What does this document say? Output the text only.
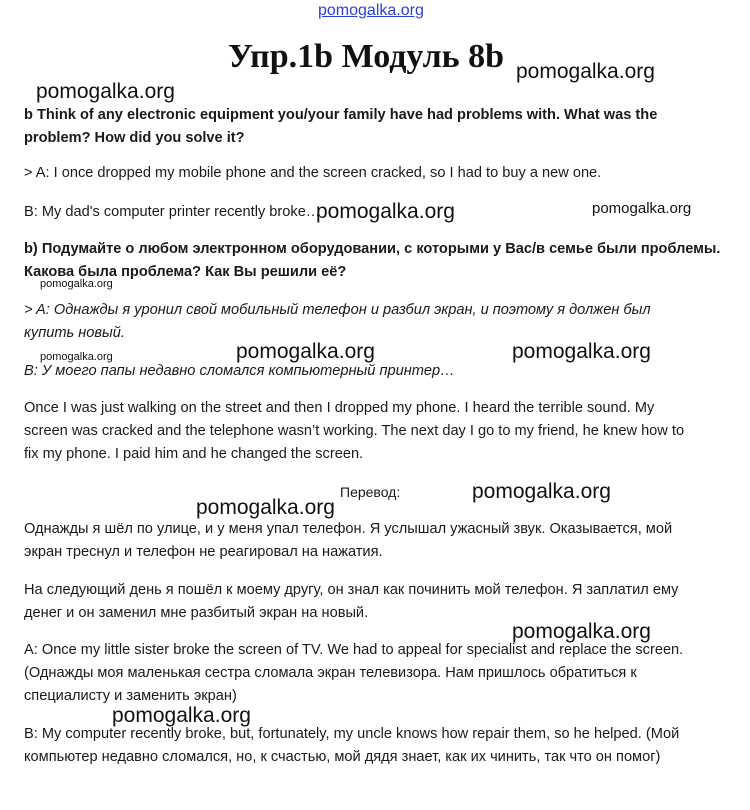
pomogalka.org
Упр.1b Модуль 8b pomogalka.org
pomogalka.org
pomogalka.org	pomogalka.org
pomogalka.org
pomogalka.org	pomogalka.org
pomogalka.org
pomogalka.org
pomogalka.org
pomogalka.org
pomogalka.org
b Think of any electronic equipment you/your family have had problems with. What was the
problem? How did you solve it?
> A: I once dropped my mobile phone and the screen cracked, so I had to buy a new one.
B: My dad's computer printer recently broke…
b) Подумайте о любом электронном оборудовании, с которыми у Вас/в семье были проблемы.
Какова была проблема? Как Вы решили её?
> A: Однажды я уронил свой мобильный телефон и разбил экран, и поэтому я должен был
купить новый.
B: У моего папы недавно сломался компьютерный принтер…
Once I was just walking on the street and then I dropped my phone. I heard the terrible sound. My
screen was cracked and the telephone wasn’t working. The next day I go to my friend, he knew how to
fix my phone. I paid him and he changed the screen.
Перевод:
Однажды я шёл по улице, и у меня упал телефон. Я услышал ужасный звук. Оказывается, мой
экран треснул и телефон не реагировал на нажатия.
На следующий день я пошёл к моему другу, он знал как починить мой телефон. Я заплатил ему
денег и он заменил мне разбитый экран на новый.
A: Once my little sister broke the screen of TV. We had to appeal for specialist and replace the screen.
(Однажды моя маленькая сестра сломала экран телевизора. Нам пришлось обратиться к
специалисту и заменить экран)
B: My computer recently broke, but, fortunately, my uncle knows how repair them, so he helped. (Мой
компьютер недавно сломался, но, к счастью, мой дядя знает, как их чинить, так что он помог)
